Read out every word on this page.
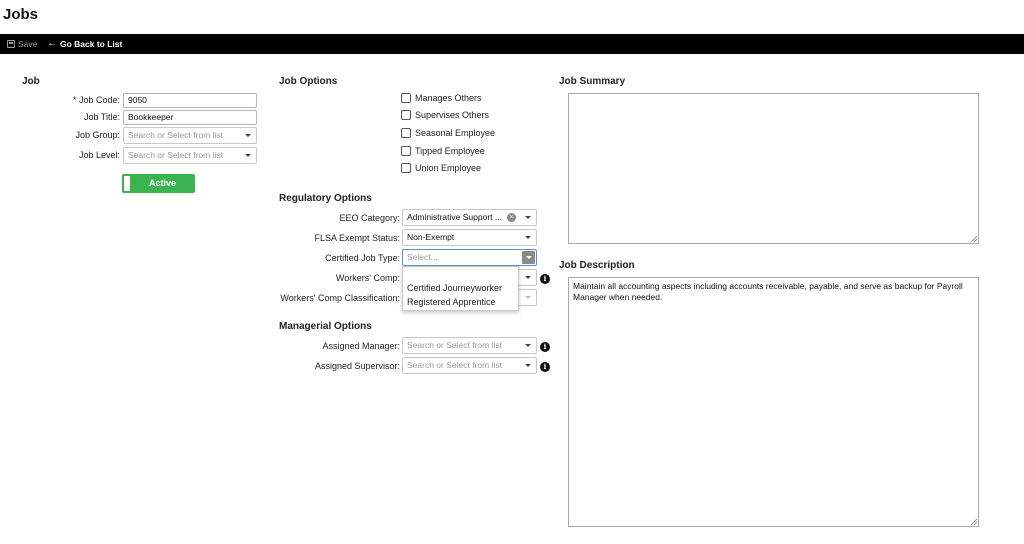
Jobs
Save ← Go Back to List
Job
* Job Code: 9050
Job Title: Bookkeeper
Job Group: Search or Select from list
Job Level: Search or Select from list
Active
Job Options
Manages Others
Supervises Others
Seasonal Employee
Tipped Employee
Union Employee
Regulatory Options
EEO Category: Administrative Support ...	×
FLSA Exempt Status: Non-Exempt
Certified Job Type: Select...
Workers' Comp:	i
Workers' Comp Classification:
Certified Journeyworker
Registered Apprentice
Managerial Options
Assigned Manager: Search or Select from list	i
Assigned Supervisor: Search or Select from list	i
Job Summary
Job Description
Maintain all accounting aspects including accounts receivable, payable, and serve as backup for Payroll Manager when needed.
